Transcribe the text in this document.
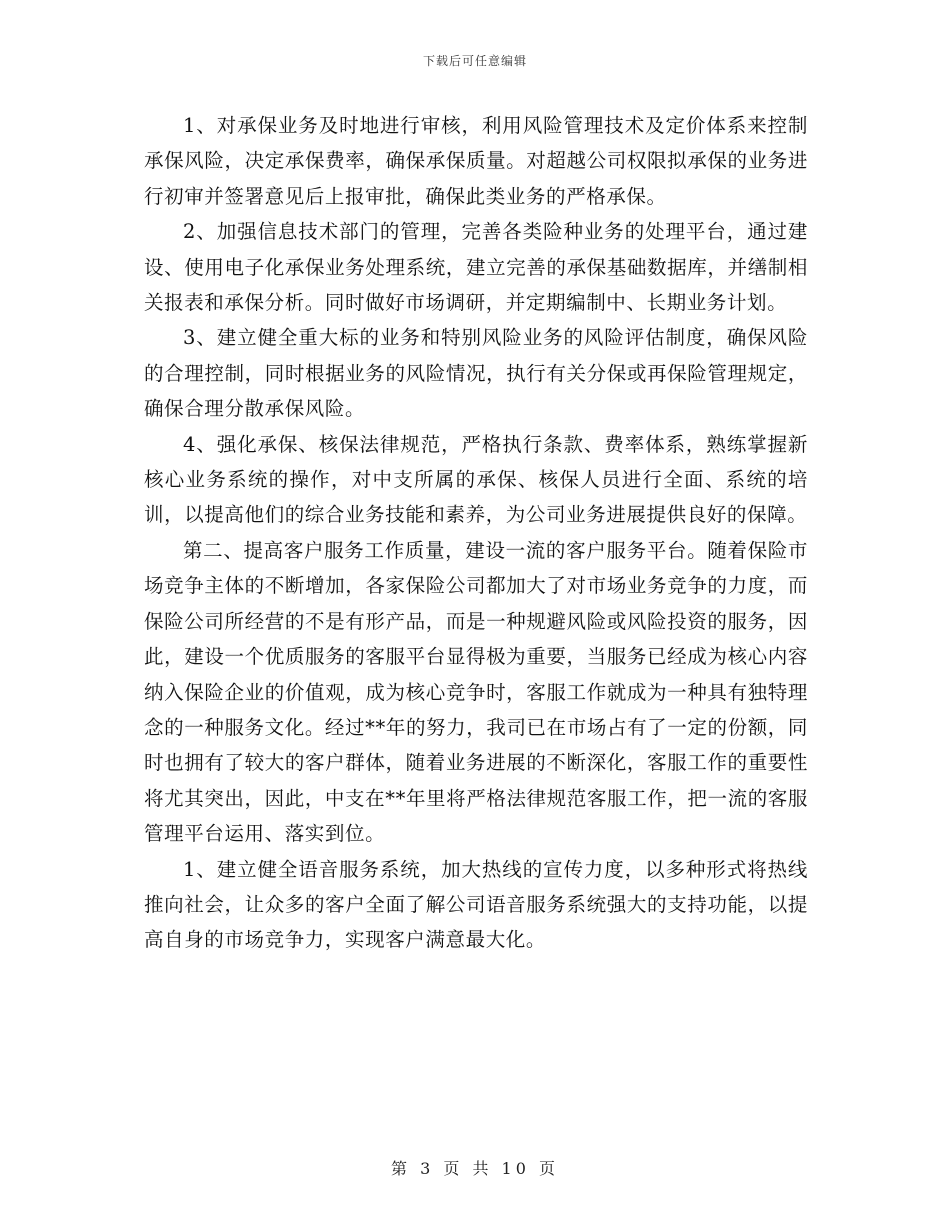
下载后可任意编辑

1、对承保业务及时地进行审核，利用风险管理技术及定价体系来控制承保风险，决定承保费率，确保承保质量。对超越公司权限拟承保的业务进行初审并签署意见后上报审批，确保此类业务的严格承保。

2、加强信息技术部门的管理，完善各类险种业务的处理平台，通过建设、使用电子化承保业务处理系统，建立完善的承保基础数据库，并缮制相关报表和承保分析。同时做好市场调研，并定期编制中、长期业务计划。

3、建立健全重大标的业务和特别风险业务的风险评估制度，确保风险的合理控制，同时根据业务的风险情况，执行有关分保或再保险管理规定，确保合理分散承保风险。

4、强化承保、核保法律规范，严格执行条款、费率体系，熟练掌握新核心业务系统的操作，对中支所属的承保、核保人员进行全面、系统的培训，以提高他们的综合业务技能和素养，为公司业务进展提供良好的保障。

第二、提高客户服务工作质量，建设一流的客户服务平台。随着保险市场竞争主体的不断增加，各家保险公司都加大了对市场业务竞争的力度，而保险公司所经营的不是有形产品，而是一种规避风险或风险投资的服务，因此，建设一个优质服务的客服平台显得极为重要，当服务已经成为核心内容纳入保险企业的价值观，成为核心竞争时，客服工作就成为一种具有独特理念的一种服务文化。经过**年的努力，我司已在市场占有了一定的份额，同时也拥有了较大的客户群体，随着业务进展的不断深化，客服工作的重要性将尤其突出，因此，中支在**年里将严格法律规范客服工作，把一流的客服管理平台运用、落实到位。

1、建立健全语音服务系统，加大热线的宣传力度，以多种形式将热线推向社会，让众多的客户全面了解公司语音服务系统强大的支持功能，以提高自身的市场竞争力，实现客户满意最大化。

第 3 页 共 10 页
